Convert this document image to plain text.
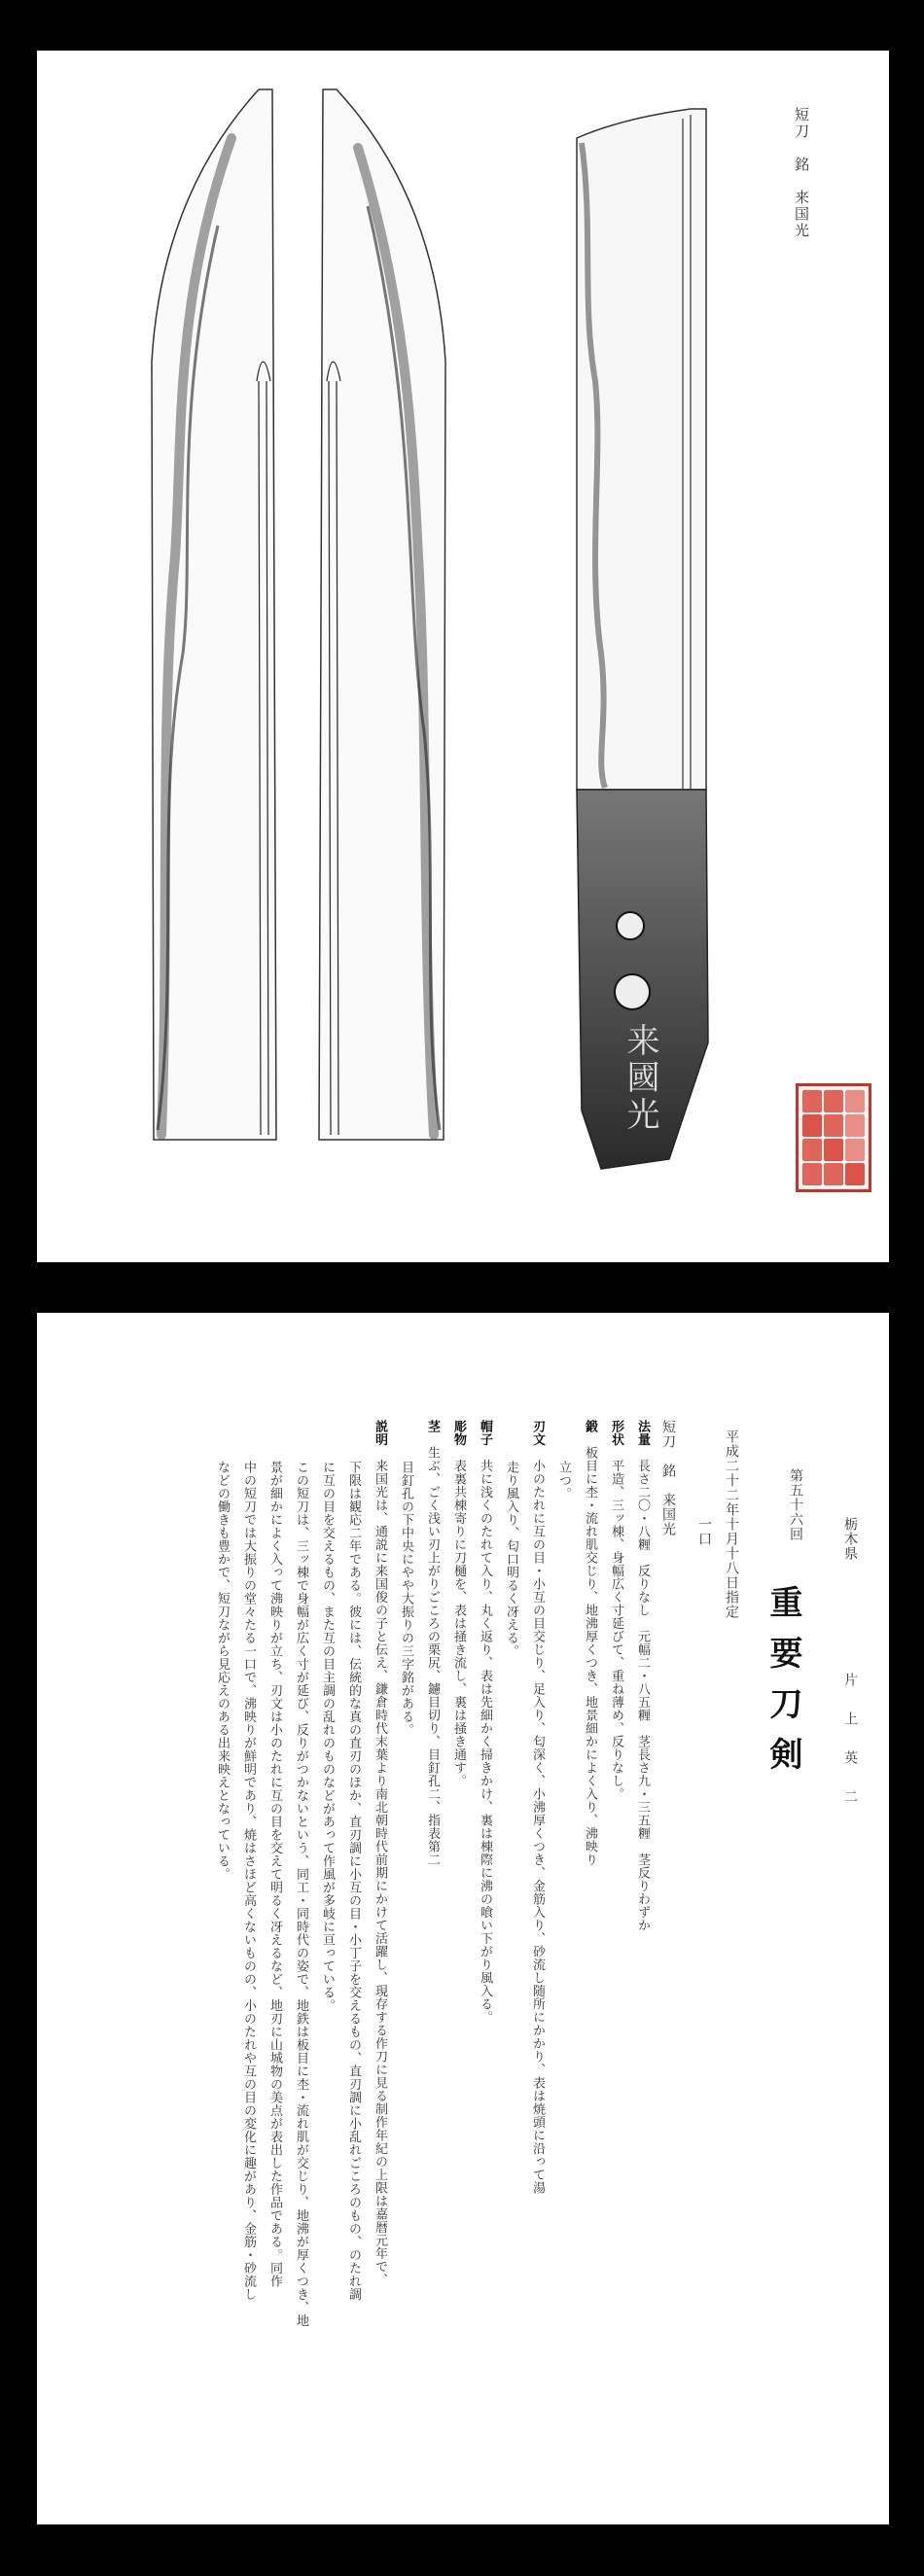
来國光
短刀　銘　来国光
栃木県
片　上　英　二
第五十六回
重要刀剣
平成二十二年十月十八日指定
一口
短刀　銘　来国光
法量　長さ二〇・八糎　反りなし　元幅二・八五糎　茎長さ九・三五糎　茎反りわずか
形状　平造、三ッ棟、身幅広く寸延びて、重ね薄め、反りなし。
鍛　板目に杢・流れ肌交じり、地沸厚くつき、地景細かによく入り、沸映り
立つ。
刃文　小のたれに互の目・小互の目交じり、足入り、匂深く、小沸厚くつき、金筋入り、砂流し随所にかかり、表は焼頭に沿って湯
走り風入り、匂口明るく冴える。
帽子　共に浅くのたれて入り、丸く返り、表は先細かく掃きかけ、裏は棟際に沸の喰い下がり風入る。
彫物　表裏共棟寄りに刀樋を、表は掻き流し、裏は掻き通す。
茎　生ぶ、ごく浅い刃上がりごころの栗尻、鑢目切り、目釘孔二、指表第二
目釘孔の下中央にやや大振りの三字銘がある。
説明　来国光は、通説に来国俊の子と伝え、鎌倉時代末葉より南北朝時代前期にかけて活躍し、現存する作刀に見る制作年紀の上限は嘉暦元年で、
下限は観応二年である。彼には、伝統的な真の直刃のほか、直刃調に小互の目・小丁子を交えるもの、直刃調に小乱れごころのもの、のたれ調
に互の目を交えるもの、また互の目主調の乱れのものなどがあって作風が多岐に亘っている。
この短刀は、三ッ棟で身幅が広く寸が延び、反りがつかないという、同工・同時代の姿で、地鉄は板目に杢・流れ肌が交じり、地沸が厚くつき、地
景が細かによく入って沸映りが立ち、刃文は小のたれに互の目を交えて明るく冴えるなど、地刃に山城物の美点が表出した作品である。同作
中の短刀では大振りの堂々たる一口で、沸映りが鮮明であり、焼はさほど高くないものの、小のたれや互の目の変化に趣があり、金筋・砂流し
などの働きも豊かで、短刀ながら見応えのある出来映えとなっている。
